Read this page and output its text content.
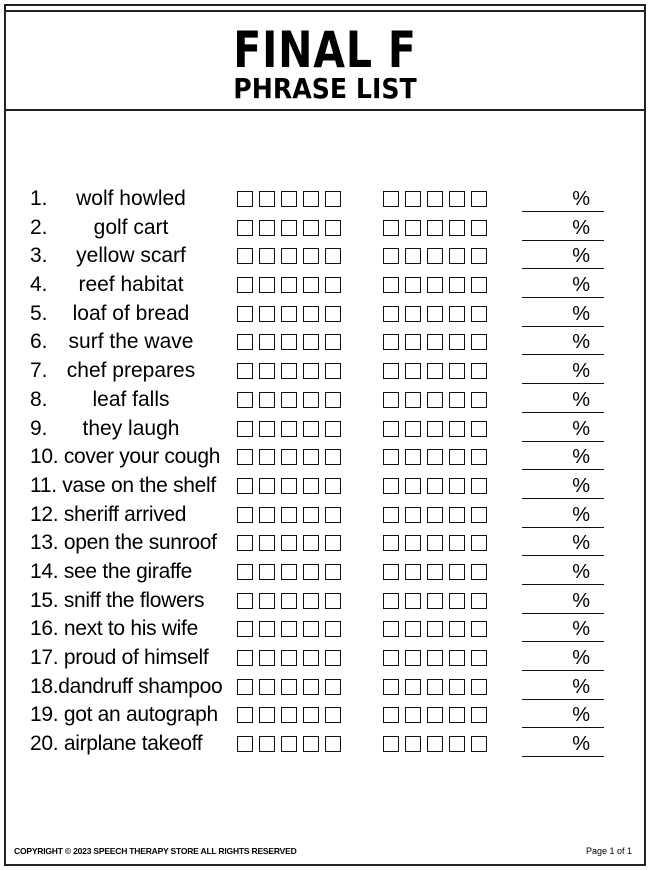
FINAL F
PHRASE LIST
1.	wolf howled	%
2.	golf cart	%
3.	yellow scarf	%
4.	reef habitat	%
5.	loaf of bread	%
6.	surf the wave	%
7. chef prepares	%
8.	leaf falls	%
9.	they laugh	%
10. cover your cough	%
11. vase on the shelf	%
12. sheriff arrived	%
13. open the sunroof	%
14. see the giraffe	%
15. sniff the flowers	%
16. next to his wife	%
17. proud of himself	%
18.dandruff shampoo	%
19. got an autograph	%
20. airplane takeoff	%
COPYRIGHT © 2023 SPEECH THERAPY STORE ALL RIGHTS RESERVED	Page 1 of 1
